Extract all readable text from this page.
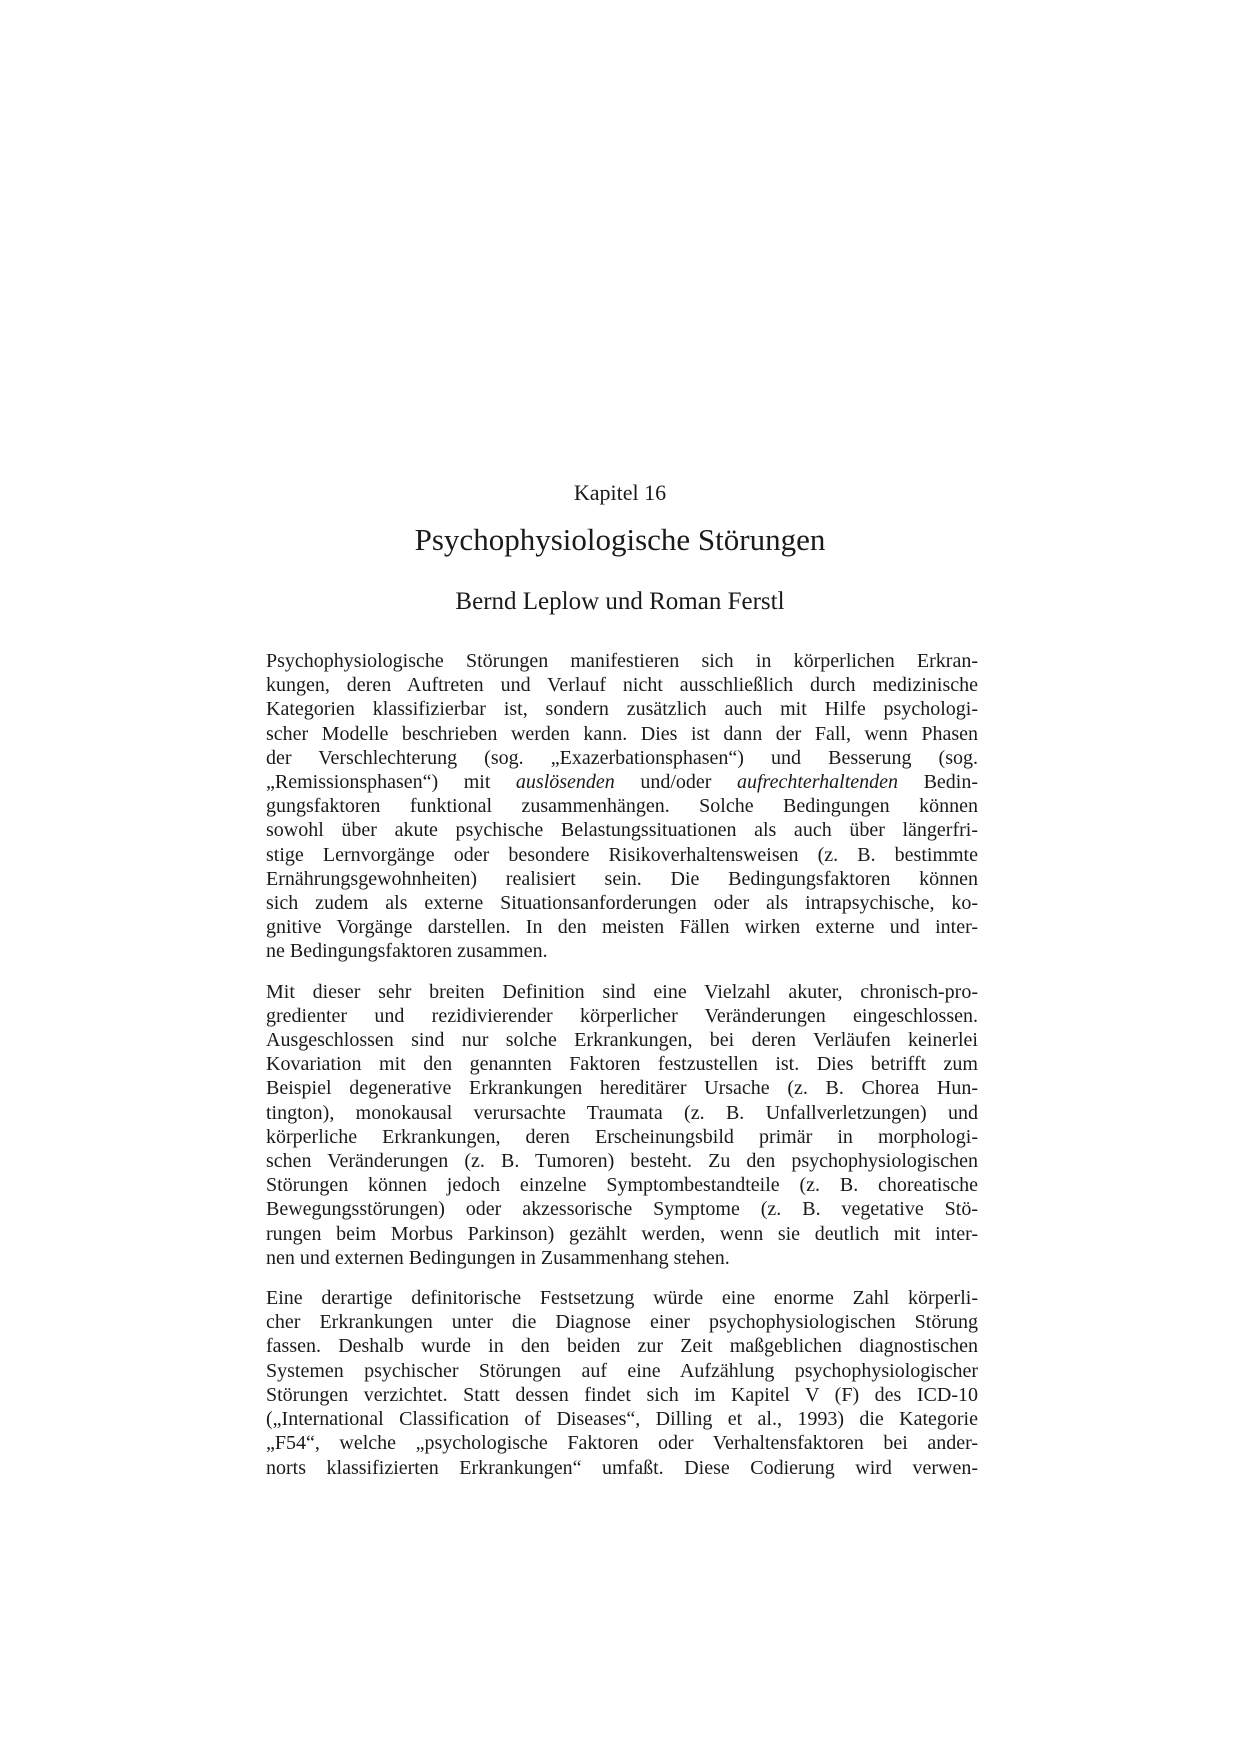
Kapitel 16
Psychophysiologische Störungen
Bernd Leplow und Roman Ferstl

Psychophysiologische Störungen manifestieren sich in körperlichen Erkran-
kungen, deren Auftreten und Verlauf nicht ausschließlich durch medizinische
Kategorien klassifizierbar ist, sondern zusätzlich auch mit Hilfe psychologi-
scher Modelle beschrieben werden kann. Dies ist dann der Fall, wenn Phasen
der Verschlechterung (sog. „Exazerbationsphasen“) und Besserung (sog.
„Remissionsphasen“) mit auslösenden und/oder aufrechterhaltenden Bedin-
gungsfaktoren funktional zusammenhängen. Solche Bedingungen können
sowohl über akute psychische Belastungssituationen als auch über längerfri-
stige Lernvorgänge oder besondere Risikoverhaltensweisen (z. B. bestimmte
Ernährungsgewohnheiten) realisiert sein. Die Bedingungsfaktoren können
sich zudem als externe Situationsanforderungen oder als intrapsychische, ko-
gnitive Vorgänge darstellen. In den meisten Fällen wirken externe und inter-
ne Bedingungsfaktoren zusammen.

Mit dieser sehr breiten Definition sind eine Vielzahl akuter, chronisch-pro-
gredienter und rezidivierender körperlicher Veränderungen eingeschlossen.
Ausgeschlossen sind nur solche Erkrankungen, bei deren Verläufen keinerlei
Kovariation mit den genannten Faktoren festzustellen ist. Dies betrifft zum
Beispiel degenerative Erkrankungen hereditärer Ursache (z. B. Chorea Hun-
tington), monokausal verursachte Traumata (z. B. Unfallverletzungen) und
körperliche Erkrankungen, deren Erscheinungsbild primär in morphologi-
schen Veränderungen (z. B. Tumoren) besteht. Zu den psychophysiologischen
Störungen können jedoch einzelne Symptombestandteile (z. B. choreatische
Bewegungsstörungen) oder akzessorische Symptome (z. B. vegetative Stö-
rungen beim Morbus Parkinson) gezählt werden, wenn sie deutlich mit inter-
nen und externen Bedingungen in Zusammenhang stehen.

Eine derartige definitorische Festsetzung würde eine enorme Zahl körperli-
cher Erkrankungen unter die Diagnose einer psychophysiologischen Störung
fassen. Deshalb wurde in den beiden zur Zeit maßgeblichen diagnostischen
Systemen psychischer Störungen auf eine Aufzählung psychophysiologischer
Störungen verzichtet. Statt dessen findet sich im Kapitel V (F) des ICD-10
(„International Classification of Diseases“, Dilling et al., 1993) die Kategorie
„F54“, welche „psychologische Faktoren oder Verhaltensfaktoren bei ander-
norts klassifizierten Erkrankungen“ umfaßt. Diese Codierung wird verwen-
